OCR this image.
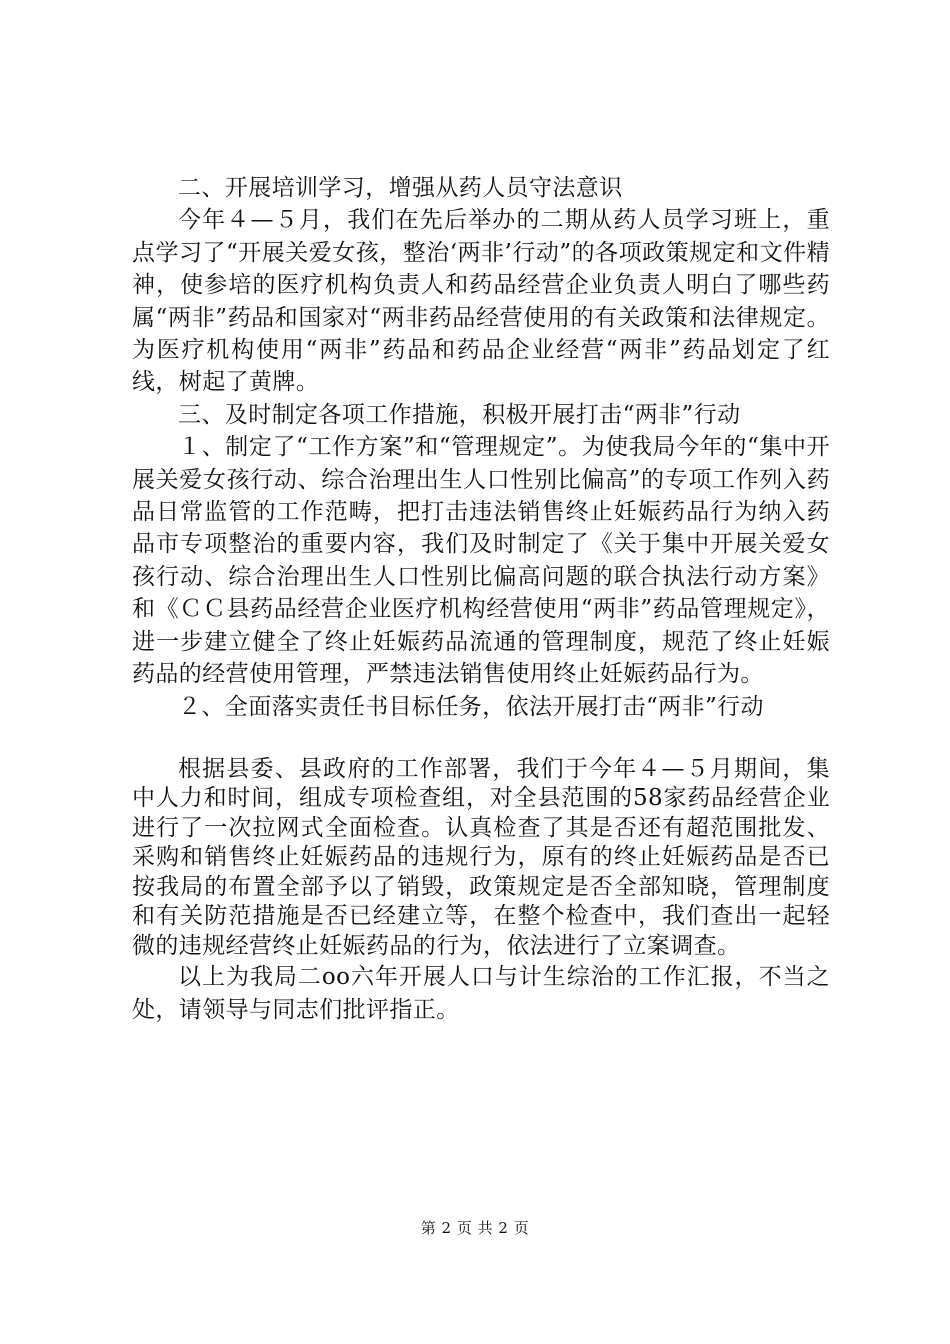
二、开展培训学习，增强从药人员守法意识

今年４—５月，我们在先后举办的二期从药人员学习班上，重点学习了“开展关爱女孩，整治‘两非’行动”的各项政策规定和文件精神，使参培的医疗机构负责人和药品经营企业负责人明白了哪些药属“两非”药品和国家对“两非药品经营使用的有关政策和法律规定。为医疗机构使用“两非”药品和药品企业经营“两非”药品划定了红线，树起了黄牌。

三、及时制定各项工作措施，积极开展打击“两非”行动

１、制定了“工作方案”和“管理规定”。为使我局今年的“集中开展关爱女孩行动、综合治理出生人口性别比偏高”的专项工作列入药品日常监管的工作范畴，把打击违法销售终止妊娠药品行为纳入药品市专项整治的重要内容，我们及时制定了《关于集中开展关爱女孩行动、综合治理出生人口性别比偏高问题的联合执法行动方案》和《ＣＣ县药品经营企业医疗机构经营使用“两非”药品管理规定》，进一步建立健全了终止妊娠药品流通的管理制度，规范了终止妊娠药品的经营使用管理，严禁违法销售使用终止妊娠药品行为。

２、全面落实责任书目标任务，依法开展打击“两非”行动

根据县委、县政府的工作部署，我们于今年４—５月期间，集中人力和时间，组成专项检查组，对全县范围的58家药品经营企业进行了一次拉网式全面检查。认真检查了其是否还有超范围批发、采购和销售终止妊娠药品的违规行为，原有的终止妊娠药品是否已按我局的布置全部予以了销毁，政策规定是否全部知晓，管理制度和有关防范措施是否已经建立等，在整个检查中，我们查出一起轻微的违规经营终止妊娠药品的行为，依法进行了立案调查。

以上为我局二oo六年开展人口与计生综治的工作汇报，不当之处，请领导与同志们批评指正。

第 2 页 共 2 页
